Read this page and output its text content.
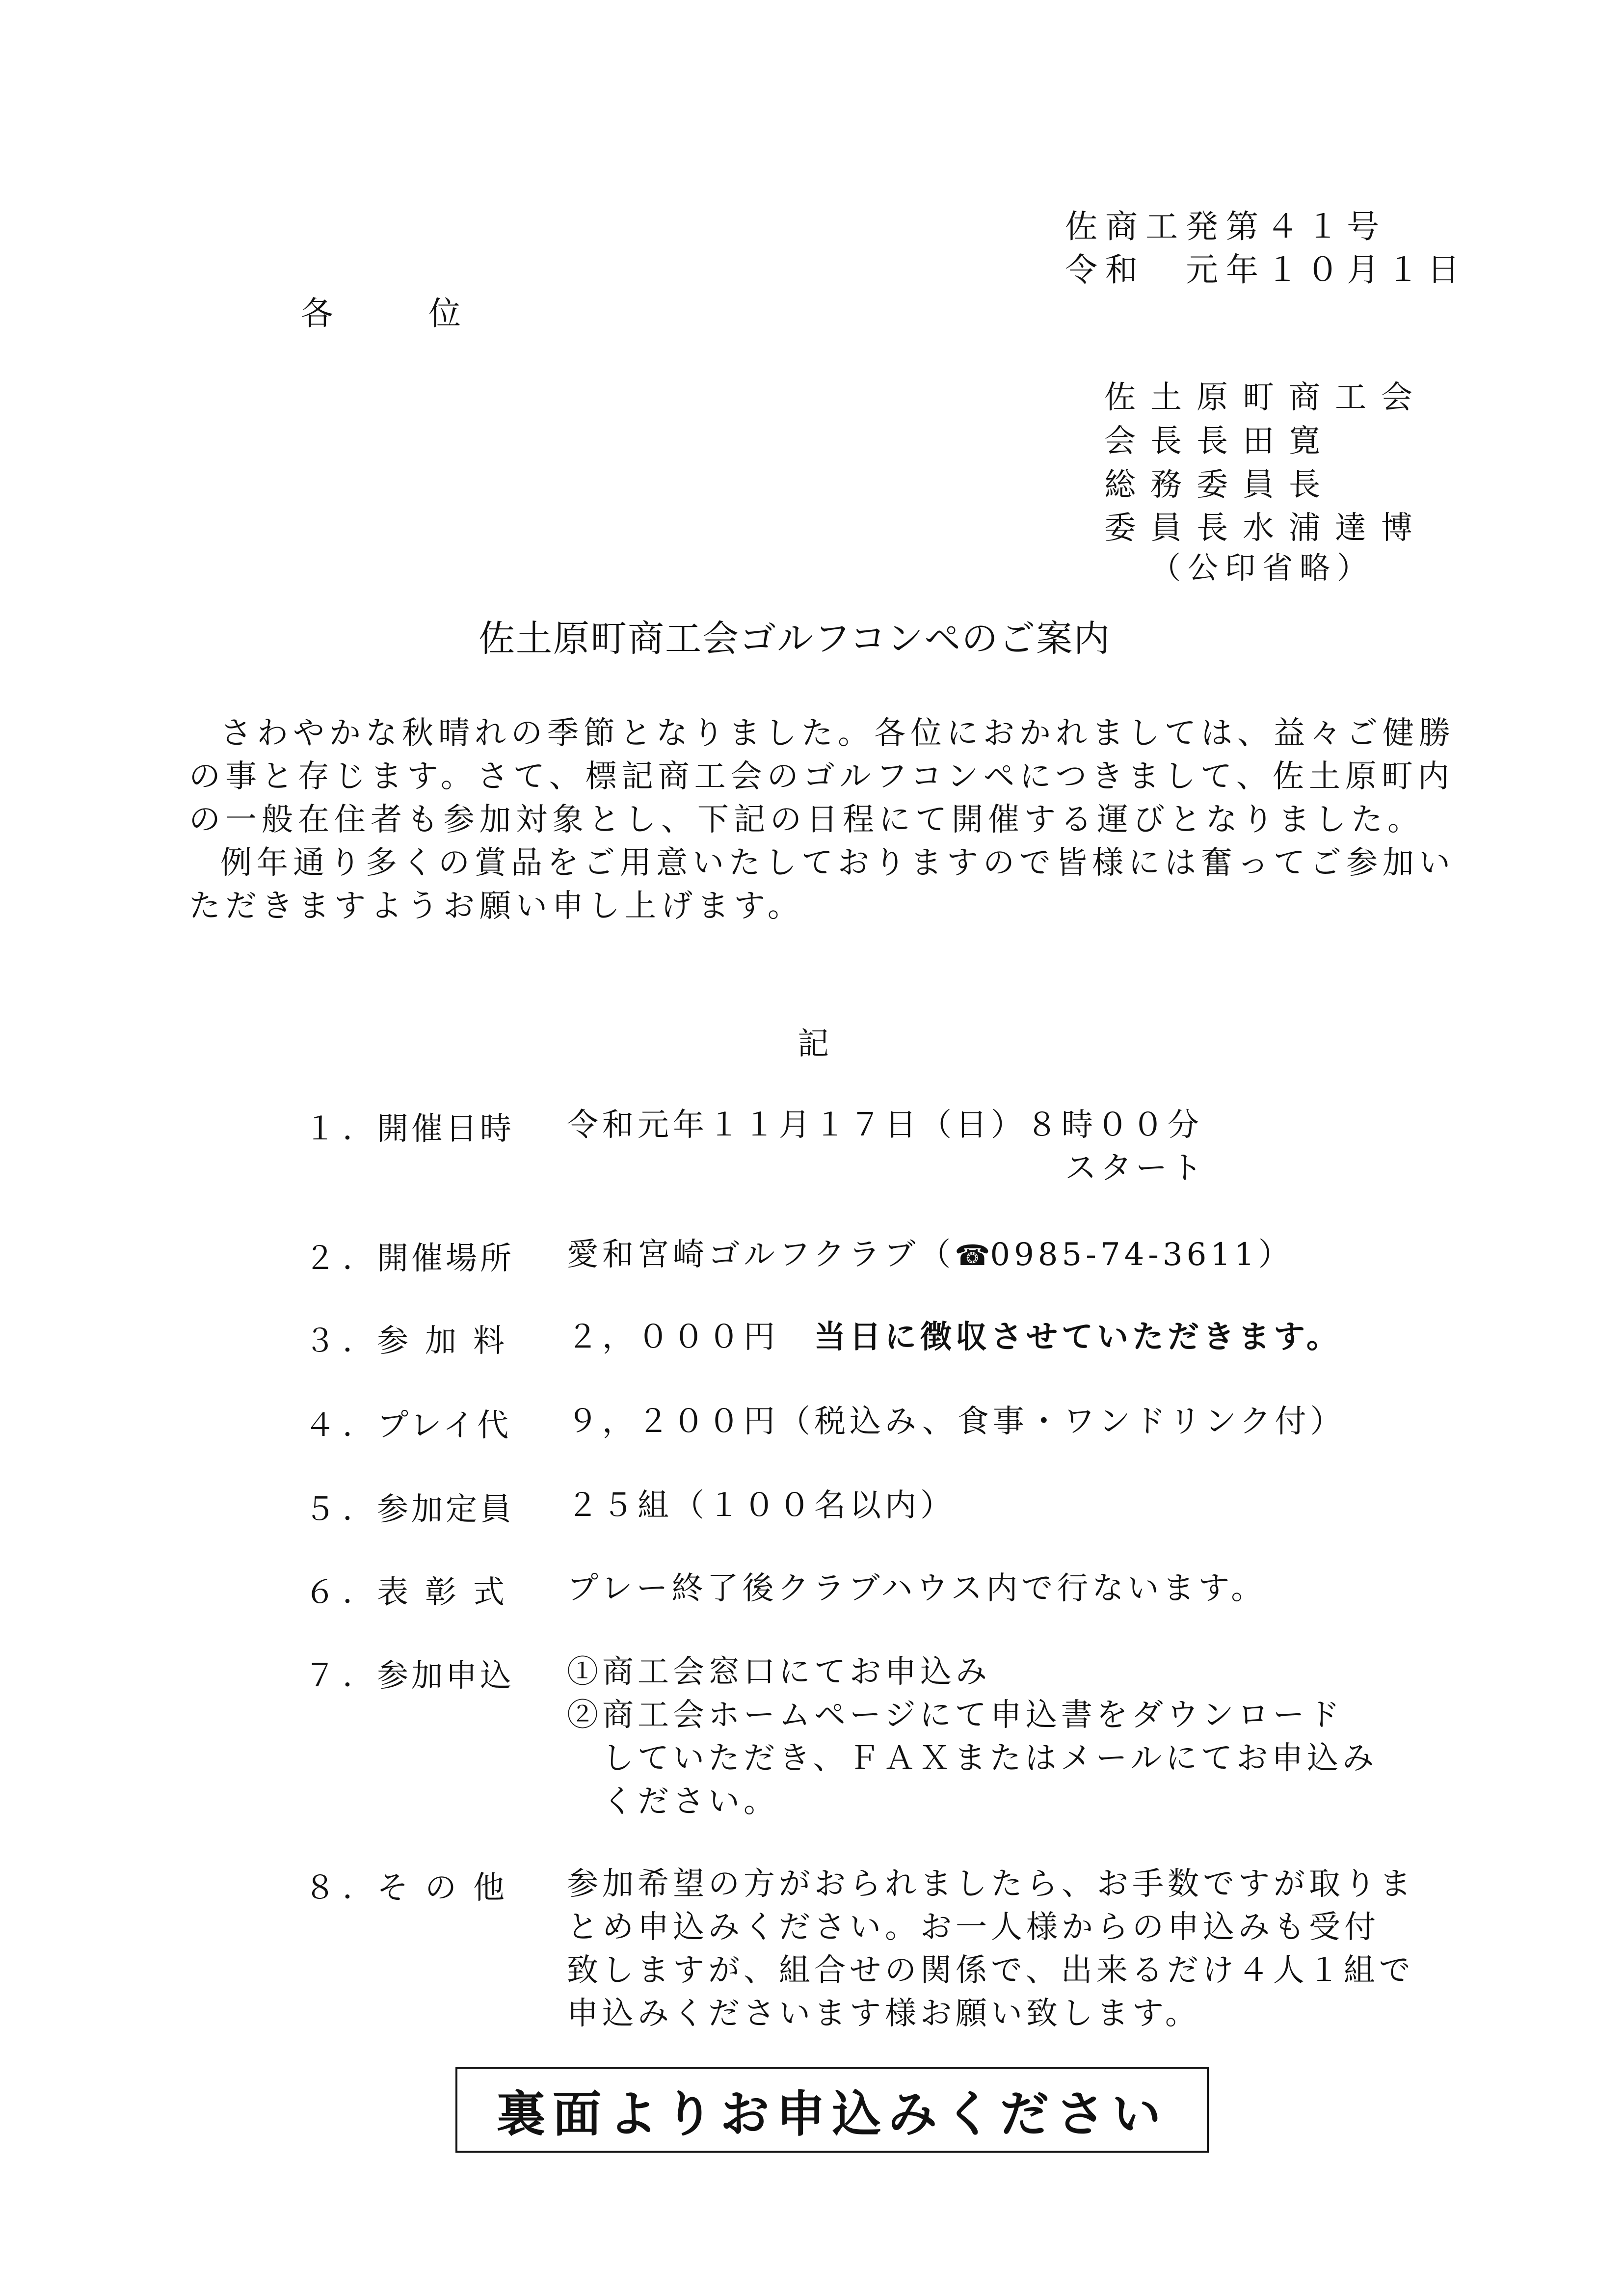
佐商工発第４１号
令和　元年１０月１日
各　位
佐土原町商工会
会長長田寛
総務委員長
委員長水浦達博
（公印省略）
佐土原町商工会ゴルフコンペのご案内

さわやかな秋晴れの季節となりました。各位におかれましては、益々ご健勝の事と存じます。さて、標記商工会のゴルフコンペにつきまして、佐土原町内の一般在住者も参加対象とし、下記の日程にて開催する運びとなりました。

例年通り多くの賞品をご用意いたしておりますので皆様には奮ってご参加いただきますようお願い申し上げます。

記
１．
開催日時 令和元年１１月１７日（日）８時００分
スタート
２．
開催場所 愛和宮崎ゴルフクラブ（☎0985-74-3611）
３．
参加料 ２，０００円　 当日に徴収させていただきます。
４．
プレイ代 ９，２００円（税込み、食事・ワンドリンク付）
５．
参加定員 ２５組（１００名以内）
６．
表彰式 プレー終了後クラブハウス内で行ないます。
７．
参加申込 ①商工会窓口にてお申込み
②商工会ホームページにて申込書をダウンロード
　していただき、ＦＡＸまたはメールにてお申込み
　ください。
８．
その他 参加希望の方がおられましたら、お手数ですが取りま
とめ申込みください。お一人様からの申込みも受付
致しますが、組合せの関係で、出来るだけ４人１組で
申込みくださいます様お願い致します。
裏面よりお申込みください
